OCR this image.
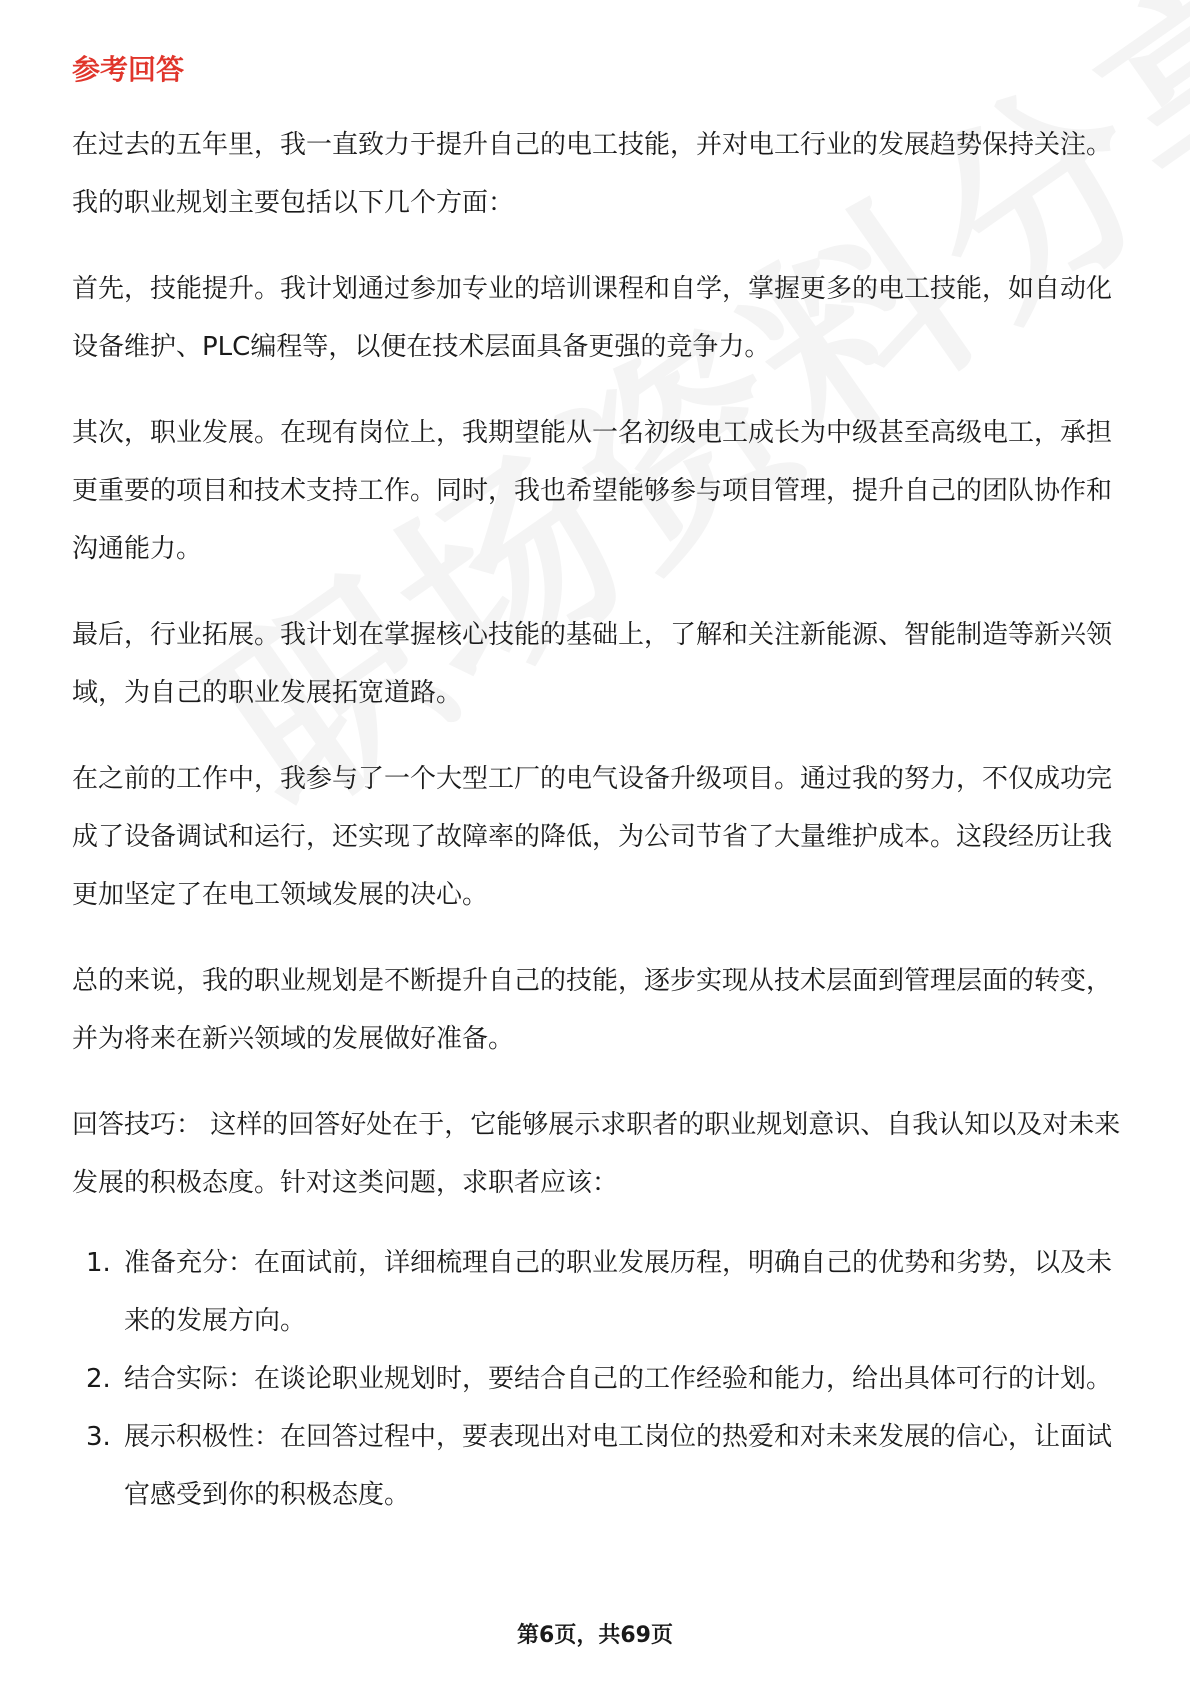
参考回答

在过去的五年里，我一直致力于提升自己的电工技能，并对电工行业的发展趋势保持关注。我的职业规划主要包括以下几个方面：

首先，技能提升。我计划通过参加专业的培训课程和自学，掌握更多的电工技能，如自动化设备维护、PLC编程等，以便在技术层面具备更强的竞争力。

其次，职业发展。在现有岗位上，我期望能从一名初级电工成长为中级甚至高级电工，承担更重要的项目和技术支持工作。同时，我也希望能够参与项目管理，提升自己的团队协作和沟通能力。

最后，行业拓展。我计划在掌握核心技能的基础上，了解和关注新能源、智能制造等新兴领域，为自己的职业发展拓宽道路。

在之前的工作中，我参与了一个大型工厂的电气设备升级项目。通过我的努力，不仅成功完成了设备调试和运行，还实现了故障率的降低，为公司节省了大量维护成本。这段经历让我更加坚定了在电工领域发展的决心。

总的来说，我的职业规划是不断提升自己的技能，逐步实现从技术层面到管理层面的转变，并为将来在新兴领域的发展做好准备。

回答技巧： 这样的回答好处在于，它能够展示求职者的职业规划意识、自我认知以及对未来发展的积极态度。针对这类问题，求职者应该：

1. 准备充分：在面试前，详细梳理自己的职业发展历程，明确自己的优势和劣势，以及未来的发展方向。
2. 结合实际：在谈论职业规划时，要结合自己的工作经验和能力，给出具体可行的计划。
3. 展示积极性：在回答过程中，要表现出对电工岗位的热爱和对未来发展的信心，让面试官感受到你的积极态度。
第6页，共69页
